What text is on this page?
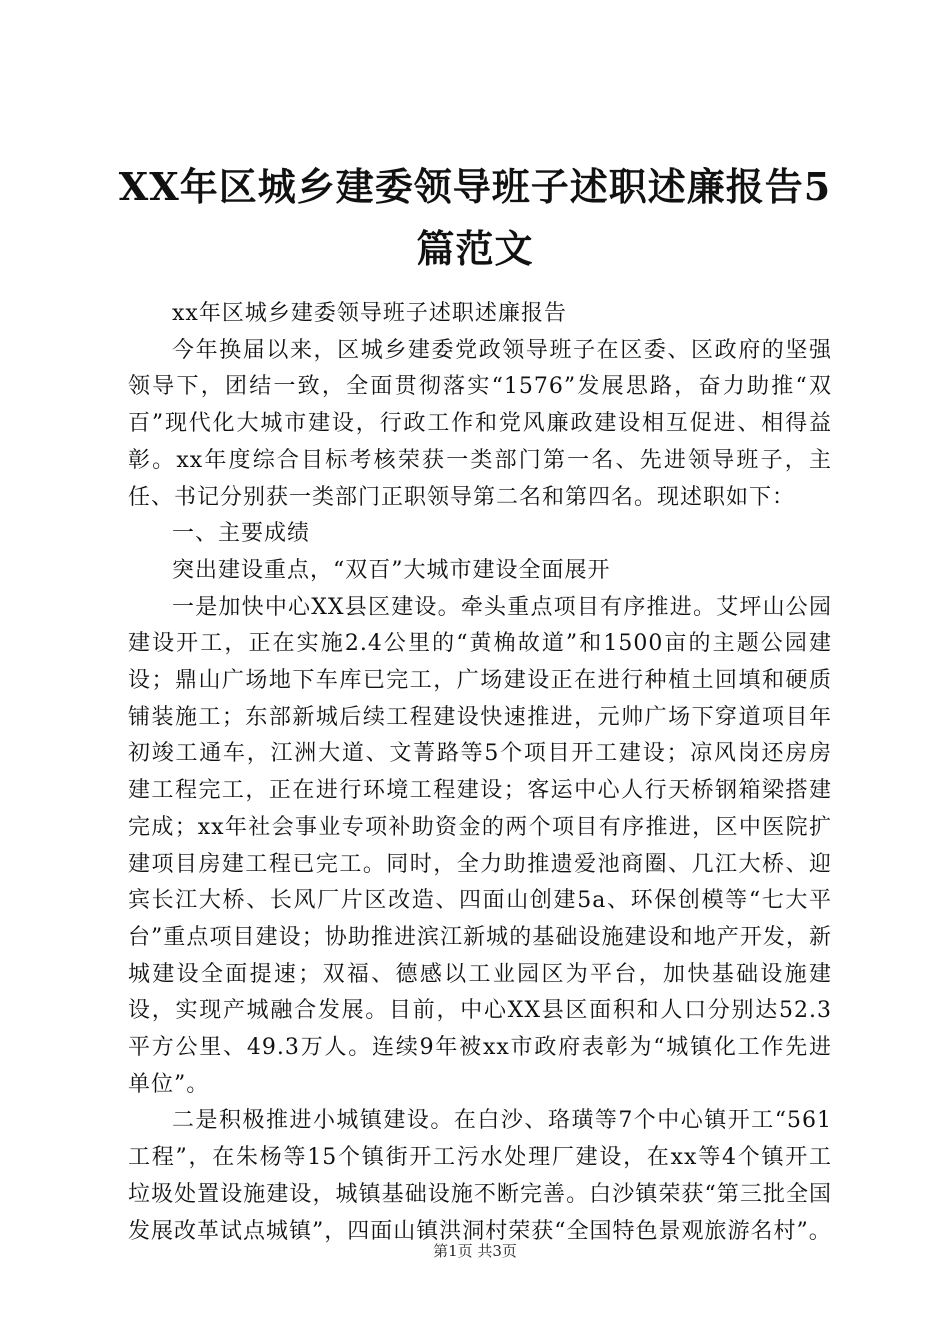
XX年区城乡建委领导班子述职述廉报告5篇范文

xx年区城乡建委领导班子述职述廉报告

今年换届以来，区城乡建委党政领导班子在区委、区政府的坚强领导下，团结一致，全面贯彻落实“1576”发展思路，奋力助推“双百”现代化大城市建设，行政工作和党风廉政建设相互促进、相得益彰。xx年度综合目标考核荣获一类部门第一名、先进领导班子，主任、书记分别获一类部门正职领导第二名和第四名。现述职如下：

一、主要成绩

突出建设重点，“双百”大城市建设全面展开

一是加快中心XX县区建设。牵头重点项目有序推进。艾坪山公园建设开工，正在实施2.4公里的“黄桷故道”和1500亩的主题公园建设；鼎山广场地下车库已完工，广场建设正在进行种植土回填和硬质铺装施工；东部新城后续工程建设快速推进，元帅广场下穿道项目年初竣工通车，江洲大道、文菁路等5个项目开工建设；凉风岗还房房建工程完工，正在进行环境工程建设；客运中心人行天桥钢箱梁搭建完成；xx年社会事业专项补助资金的两个项目有序推进，区中医院扩建项目房建工程已完工。同时，全力助推遗爱池商圈、几江大桥、迎宾长江大桥、长风厂片区改造、四面山创建5a、环保创模等“七大平台”重点项目建设；协助推进滨江新城的基础设施建设和地产开发，新城建设全面提速；双福、德感以工业园区为平台，加快基础设施建设，实现产城融合发展。目前，中心XX县区面积和人口分别达52.3平方公里、49.3万人。连续9年被xx市政府表彰为“城镇化工作先进单位”。

二是积极推进小城镇建设。在白沙、珞璜等7个中心镇开工“561工程”，在朱杨等15个镇街开工污水处理厂建设，在xx等4个镇开工垃圾处置设施建设，城镇基础设施不断完善。白沙镇荣获“第三批全国发展改革试点城镇”，四面山镇洪洞村荣获“全国特色景观旅游名村”。

第1页 共3页
